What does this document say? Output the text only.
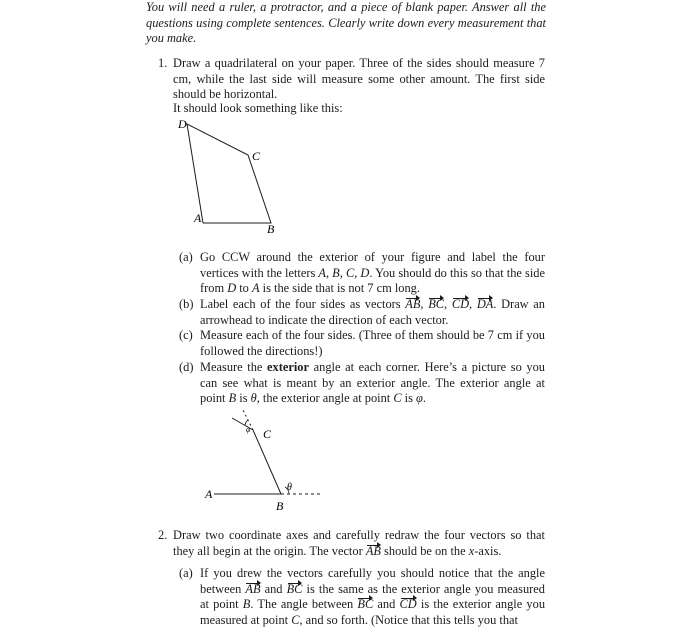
You will need a ruler, a protractor, and a piece of blank paper. Answer all the questions using complete sentences. Clearly write down every measurement that you make.
1. Draw a quadrilateral on your paper. Three of the sides should measure 7 cm, while the last side will measure some other amount. The first side should be horizontal.
It should look something like this:
D
C
A
B
(a) Go CCW around the exterior of your figure and label the four vertices with the letters A, B, C, D. You should do this so that the side from D to A is the side that is not 7 cm long.
(b) Label each of the four sides as vectors AB, BC, CD, DA. Draw an arrowhead to indicate the direction of each vector.
(c) Measure each of the four sides. (Three of them should be 7 cm if you followed the directions!)
(d) Measure the exterior angle at each corner. Here’s a picture so you can see what is meant by an exterior angle. The exterior angle at point B is θ, the exterior angle at point C is φ.
A
B
C
θ
φ
2. Draw two coordinate axes and carefully redraw the four vectors so that they all begin at the origin. The vector AB should be on the x-axis.
(a) If you drew the vectors carefully you should notice that the angle between AB and BC is the same as the exterior angle you measured at point B. The angle between BC and CD is the exterior angle you measured at point C, and so forth. (Notice that this tells you that
